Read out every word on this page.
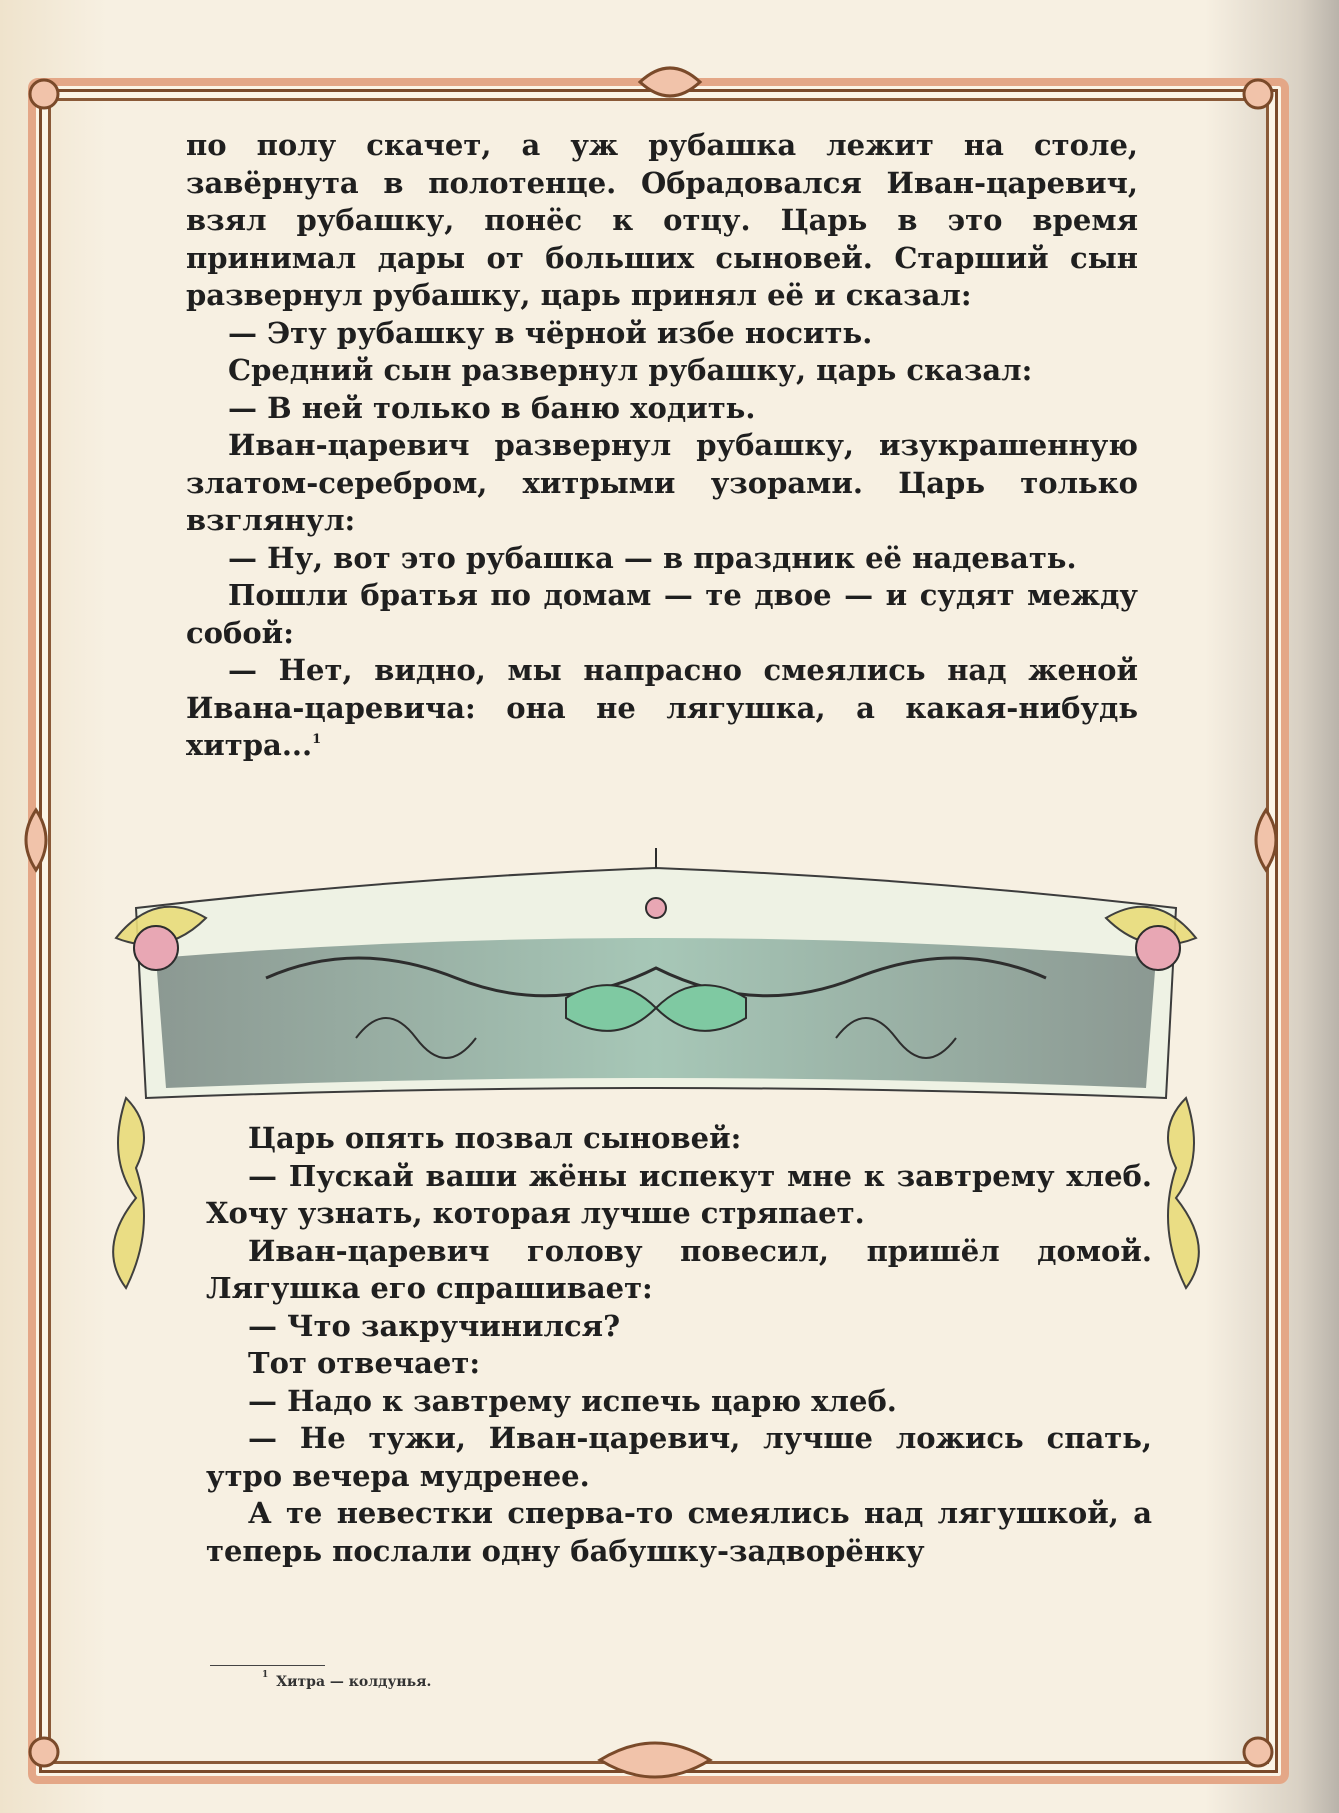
по полу скачет, а уж рубашка лежит на столе, завёрнута в полотенце. Обрадовался Иван-царевич, взял рубашку, понёс к отцу. Царь в это время принимал дары от больших сыновей. Старший сын развернул рубашку, царь принял её и сказал:

— Эту рубашку в чёрной избе носить.

Средний сын развернул рубашку, царь сказал:

— В ней только в баню ходить.

Иван-царевич развернул рубашку, изукрашенную златом-серебром, хитрыми узорами. Царь только взглянул:

— Ну, вот это рубашка — в праздник её надевать.

Пошли братья по домам — те двое — и судят между собой:

— Нет, видно, мы напрасно смеялись над женой Ивана-царевича: она не лягушка, а какая-нибудь хитра...$^1$

Царь опять позвал сыновей:

— Пускай ваши жёны испекут мне к завтрему хлеб. Хочу узнать, которая лучше стряпает.

Иван-царевич голову повесил, пришёл домой. Лягушка его спрашивает:

— Что закручинился?

Тот отвечает:

— Надо к завтрему испечь царю хлеб.

— Не тужи, Иван-царевич, лучше ложись спать, утро вечера мудренее.

А те невестки сперва-то смеялись над лягушкой, а теперь послали одну бабушку-задворёнку

$^1$ Хитра — колдунья.
